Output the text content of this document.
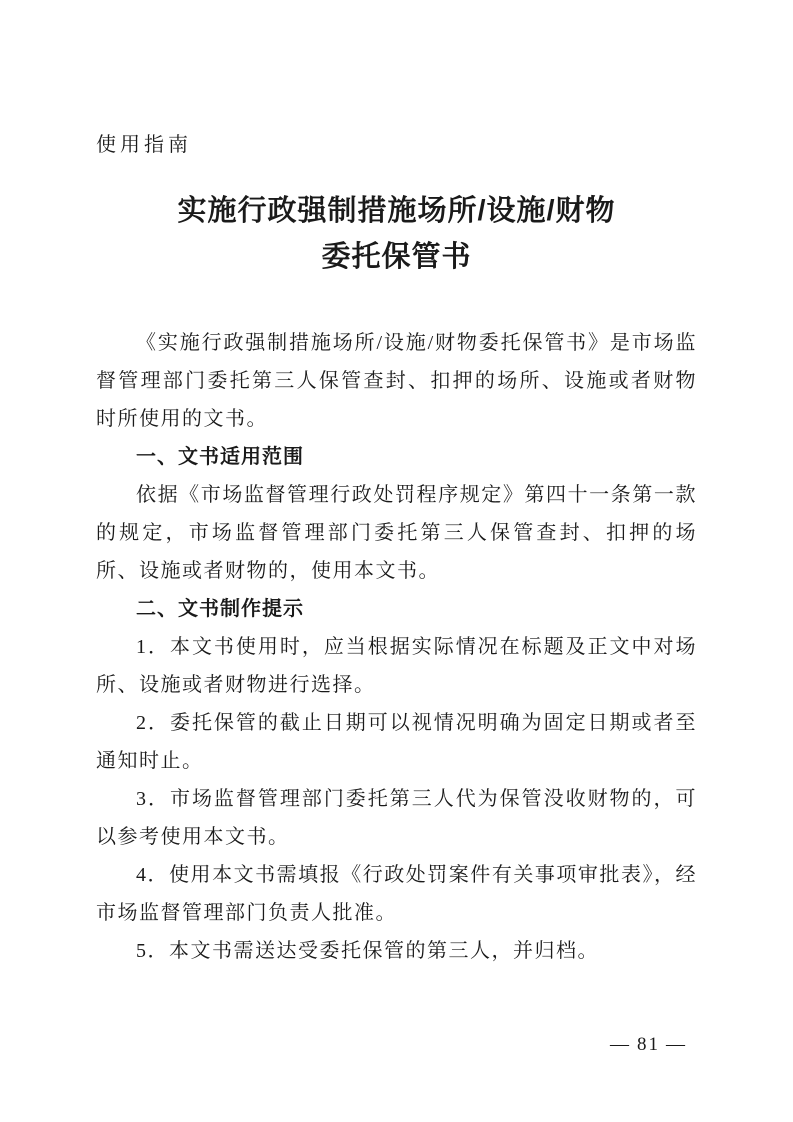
使用指南
实施行政强制措施场所/设施/财物
委托保管书

《实施行政强制措施场所/设施/财物委托保管书》是市场监督管理部门委托第三人保管查封、扣押的场所、设施或者财物时所使用的文书。

一、文书适用范围

依据《市场监督管理行政处罚程序规定》第四十一条第一款的规定，市场监督管理部门委托第三人保管查封、扣押的场所、设施或者财物的，使用本文书。

二、文书制作提示

1．本文书使用时，应当根据实际情况在标题及正文中对场所、设施或者财物进行选择。

2．委托保管的截止日期可以视情况明确为固定日期或者至通知时止。

3．市场监督管理部门委托第三人代为保管没收财物的，可以参考使用本文书。

4．使用本文书需填报《行政处罚案件有关事项审批表》，经市场监督管理部门负责人批准。

5．本文书需送达受委托保管的第三人，并归档。

— 81 —
